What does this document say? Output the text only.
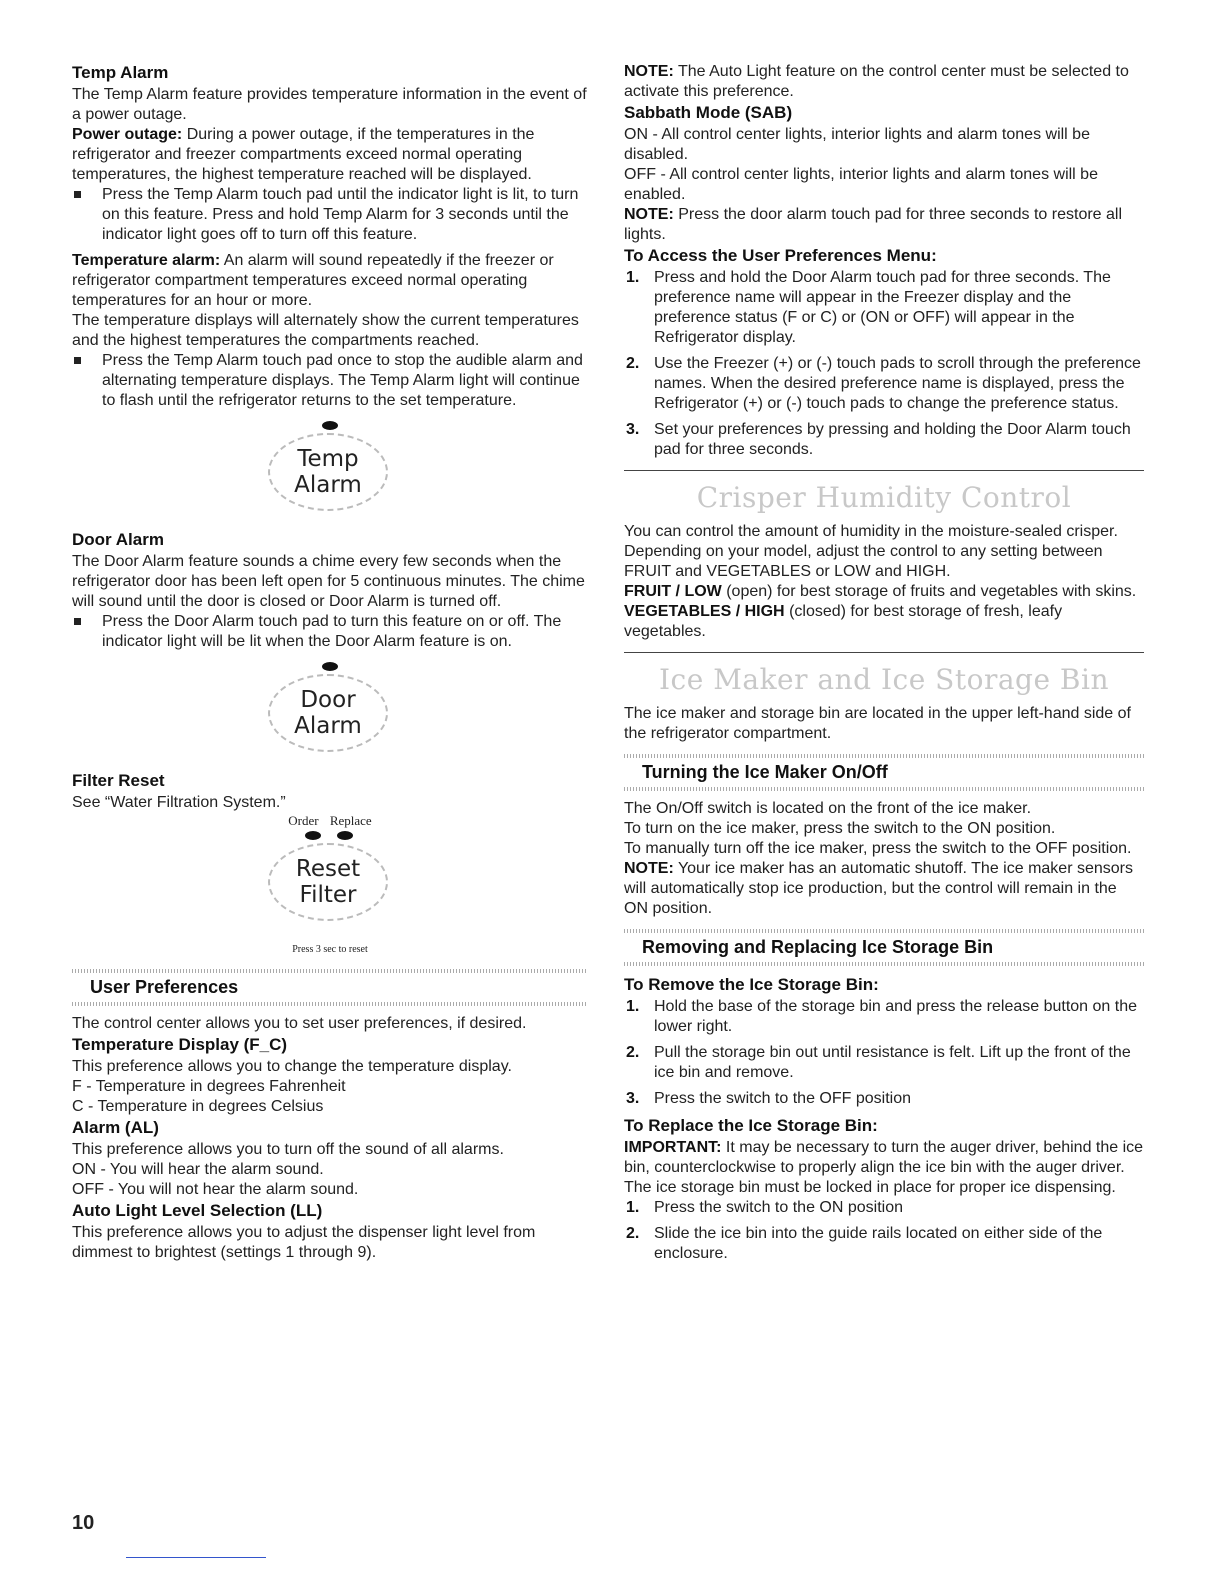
Temp Alarm

The Temp Alarm feature provides temperature information in the event of a power outage.

Power outage: During a power outage, if the temperatures in the refrigerator and freezer compartments exceed normal operating temperatures, the highest temperature reached will be displayed.

Press the Temp Alarm touch pad until the indicator light is lit, to turn on this feature. Press and hold Temp Alarm for 3 seconds until the indicator light goes off to turn off this feature.

Temperature alarm: An alarm will sound repeatedly if the freezer or refrigerator compartment temperatures exceed normal operating temperatures for an hour or more.

The temperature displays will alternately show the current temperatures and the highest temperatures the compartments reached.

Press the Temp Alarm touch pad once to stop the audible alarm and alternating temperature displays. The Temp Alarm light will continue to flash until the refrigerator returns to the set temperature.
Temp
Alarm
Door Alarm

The Door Alarm feature sounds a chime every few seconds when the refrigerator door has been left open for 5 continuous minutes. The chime will sound until the door is closed or Door Alarm is turned off.

Press the Door Alarm touch pad to turn this feature on or off. The indicator light will be lit when the Door Alarm feature is on.
Door
Alarm
Filter Reset

See “Water Filtration System.”

Order Replace
Reset
Filter
Press 3 sec to reset
User Preferences

The control center allows you to set user preferences, if desired.

Temperature Display (F_C)

This preference allows you to change the temperature display.

F - Temperature in degrees Fahrenheit

C - Temperature in degrees Celsius

Alarm (AL)

This preference allows you to turn off the sound of all alarms.

ON - You will hear the alarm sound.

OFF - You will not hear the alarm sound.

Auto Light Level Selection (LL)

This preference allows you to adjust the dispenser light level from dimmest to brightest (settings 1 through 9).

NOTE: The Auto Light feature on the control center must be selected to activate this preference.

Sabbath Mode (SAB)

ON - All control center lights, interior lights and alarm tones will be disabled.

OFF - All control center lights, interior lights and alarm tones will be enabled.

NOTE: Press the door alarm touch pad for three seconds to restore all lights.

To Access the User Preferences Menu:
1. Press and hold the Door Alarm touch pad for three seconds. The preference name will appear in the Freezer display and the preference status (F or C) or (ON or OFF) will appear in the Refrigerator display.
2. Use the Freezer (+) or (-) touch pads to scroll through the preference names. When the desired preference name is displayed, press the Refrigerator (+) or (-) touch pads to change the preference status.
3. Set your preferences by pressing and holding the Door Alarm touch pad for three seconds.
Crisper Humidity Control

You can control the amount of humidity in the moisture-sealed crisper. Depending on your model, adjust the control to any setting between FRUIT and VEGETABLES or LOW and HIGH.

FRUIT / LOW (open) for best storage of fruits and vegetables with skins.

VEGETABLES / HIGH (closed) for best storage of fresh, leafy vegetables.

Ice Maker and Ice Storage Bin

The ice maker and storage bin are located in the upper left-hand side of the refrigerator compartment.

Turning the Ice Maker On/Off

The On/Off switch is located on the front of the ice maker.

To turn on the ice maker, press the switch to the ON position.

To manually turn off the ice maker, press the switch to the OFF position.

NOTE: Your ice maker has an automatic shutoff. The ice maker sensors will automatically stop ice production, but the control will remain in the ON position.

Removing and Replacing Ice Storage Bin
To Remove the Ice Storage Bin:
1. Hold the base of the storage bin and press the release button on the lower right.
2. Pull the storage bin out until resistance is felt. Lift up the front of the ice bin and remove.
3. Press the switch to the OFF position
To Replace the Ice Storage Bin:

IMPORTANT: It may be necessary to turn the auger driver, behind the ice bin, counterclockwise to properly align the ice bin with the auger driver. The ice storage bin must be locked in place for proper ice dispensing.

1. Press the switch to the ON position
2. Slide the ice bin into the guide rails located on either side of the enclosure.
10
